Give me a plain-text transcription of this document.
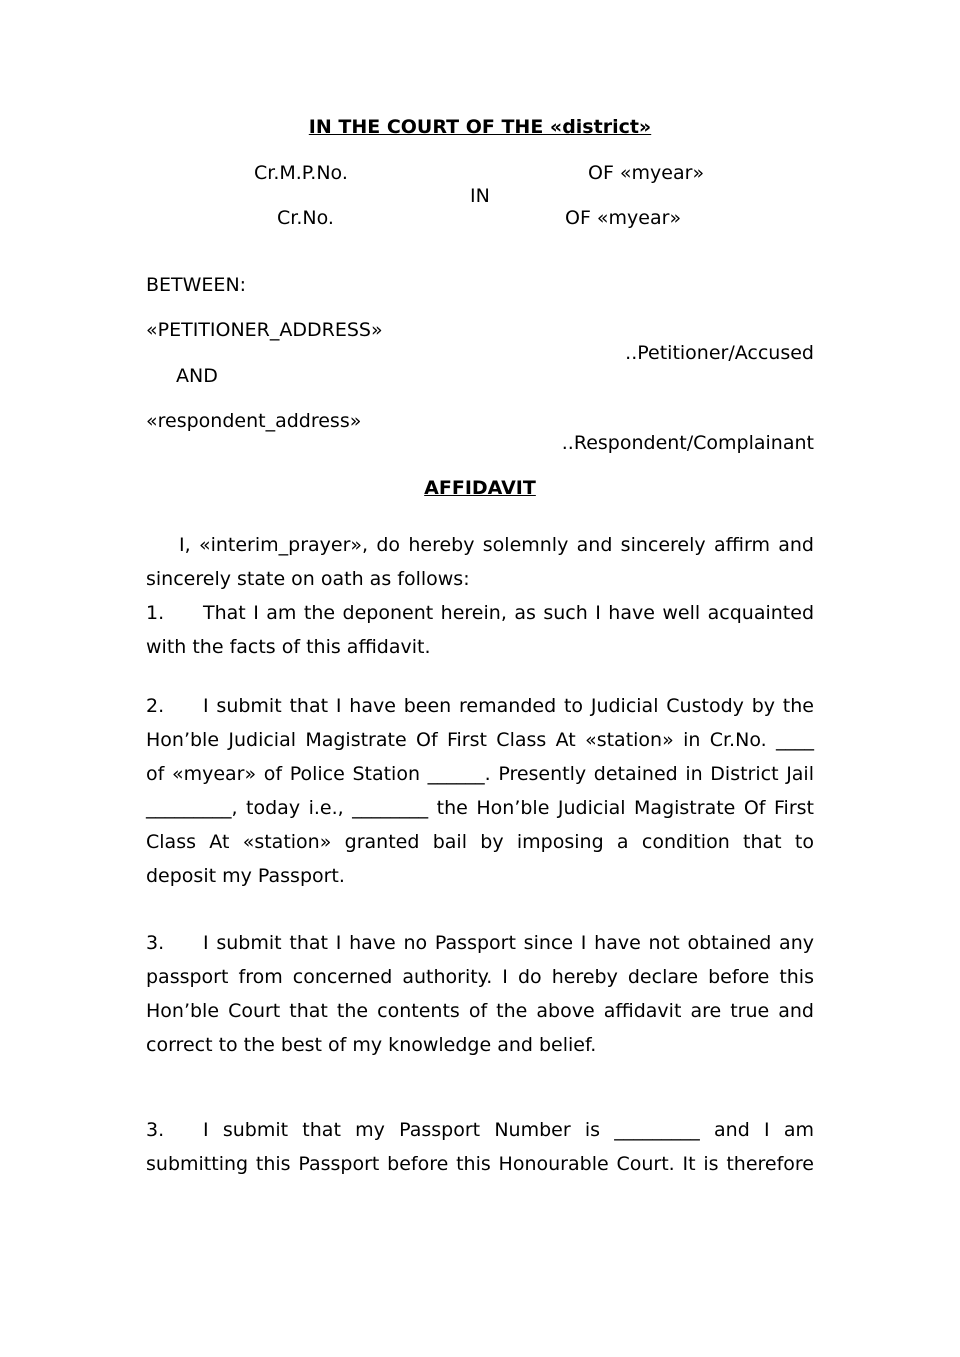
IN THE COURT OF THE «district»
Cr.M.P.No.	OF «myear»
IN
Cr.No.	OF «myear»
BETWEEN:
«PETITIONER_ADDRESS»
..Petitioner/Accused
AND
«respondent_address»
..Respondent/Complainant
AFFIDAVIT
I, «interim_prayer», do hereby solemnly and sincerely affirm and
sincerely state on oath as follows:
1. That I am the deponent herein, as such I have well acquainted
with the facts of this affidavit.
2. I submit that I have been remanded to Judicial Custody by the
Hon’ble Judicial Magistrate Of First Class At «station» in Cr.No. ____
of «myear» of Police Station ______. Presently detained in District Jail
_________, today i.e., ________ the Hon’ble Judicial Magistrate Of First
Class At «station» granted bail by imposing a condition that to
deposit my Passport.
3. I submit that I have no Passport since I have not obtained any
passport from concerned authority. I do hereby declare before this
Hon’ble Court that the contents of the above affidavit are true and
correct to the best of my knowledge and belief.
3. I submit that my Passport Number is _________ and I am
submitting this Passport before this Honourable Court. It is therefore
